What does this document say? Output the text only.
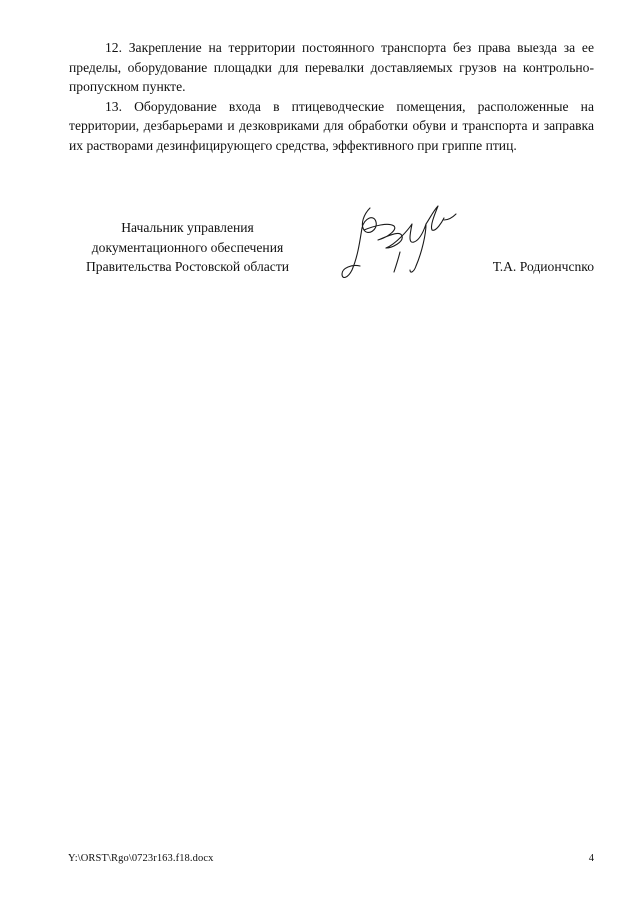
12. Закрепление на территории постоянного транспорта без права выезда за ее пределы, оборудование площадки для перевалки доставляемых грузов на контрольно-пропускном пункте.

13. Оборудование входа в птицеводческие помещения, расположенные на территории, дезбарьерами и дезковриками для обработки обуви и транспорта и заправка их растворами дезинфицирующего средства, эффективного при гриппе птиц.

Начальник управления
документационного обеспечения
Правительства Ростовской области	Т.А. Родиончсnко
Y:\ORST\Rgo\0723r163.f18.docx	4
